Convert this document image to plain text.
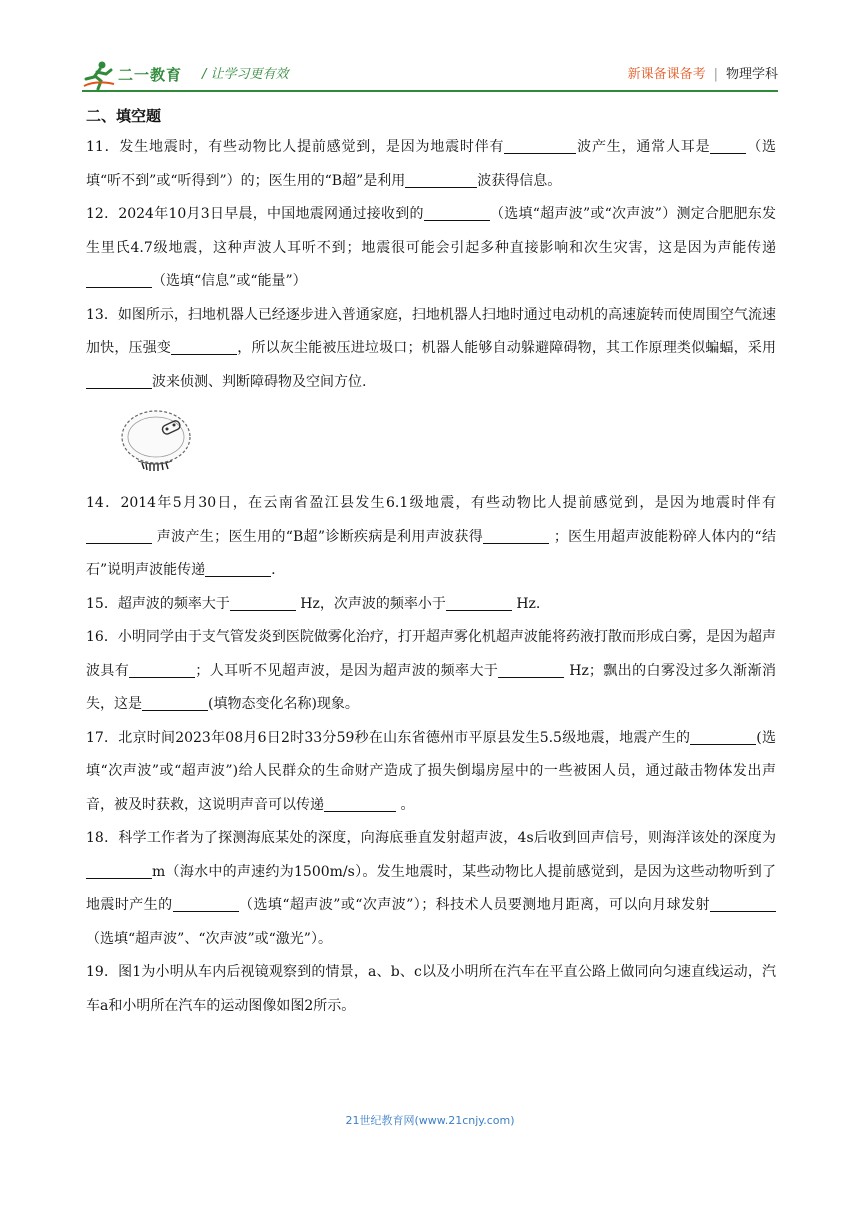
二一教育 / 让学习更有效	新课备课备考 | 物理学科
二、填空题
11．发生地震时，有些动物比人提前感觉到，是因为地震时伴有	波产生，通常人耳是	（选填“听不到”或“听得到”）的；医生用的“B超”是利用	波获得信息。
12．2024年10月3日早晨，中国地震网通过接收到的	（选填“超声波”或“次声波”）测定合肥肥东发生里氏4.7级地震，这种声波人耳听不到；地震很可能会引起多种直接影响和次生灾害，这是因为声能传递（选填“信息”或“能量”）
13．如图所示，扫地机器人已经逐步进入普通家庭，扫地机器人扫地时通过电动机的高速旋转而使周围空气流速加快，压强变	，所以灰尘能被压进垃圾口；机器人能够自动躲避障碍物，其工作原理类似蝙蝠，采用波来侦测、判断障碍物及空间方位.
14．2014年5月30日，在云南省盈江县发生6.1级地震，有些动物比人提前感觉到，是因为地震时伴有 声波产生；医生用的“B超”诊断疾病是利用声波获得	；医生用超声波能粉碎人体内的“结石”说明声波能传递	.
15．超声波的频率大于	Hz，次声波的频率小于	Hz.
16．小明同学由于支气管发炎到医院做雾化治疗，打开超声雾化机超声波能将药液打散而形成白雾，是因为超声波具有	；人耳听不见超声波，是因为超声波的频率大于	Hz；飘出的白雾没过多久渐渐消失，这是	(填物态变化名称)现象。
17．北京时间2023年08月6日2时33分59秒在山东省德州市平原县发生5.5级地震，地震产生的	(选填“次声波”或“超声波”)给人民群众的生命财产造成了损失倒塌房屋中的一些被困人员，通过敲击物体发出声音，被及时获救，这说明声音可以传递	。
18．科学工作者为了探测海底某处的深度，向海底垂直发射超声波，4s后收到回声信号，则海洋该处的深度为m（海水中的声速约为1500m/s）。发生地震时，某些动物比人提前感觉到，是因为这些动物听到了地震时产生的	（选填“超声波”或“次声波”）；科技术人员要测地月距离，可以向月球发射（选填“超声波”、“次声波”或“激光”）。
19．图1为小明从车内后视镜观察到的情景，a、b、c以及小明所在汽车在平直公路上做同向匀速直线运动，汽车a和小明所在汽车的运动图像如图2所示。
21世纪教育网(www.21cnjy.com)
